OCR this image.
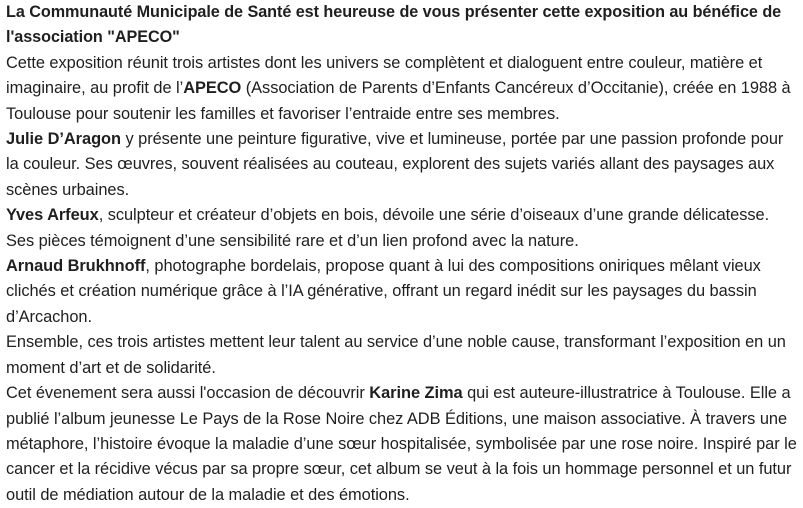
La Communauté Municipale de Santé est heureuse de vous présenter cette exposition au bénéfice de l'association "APECO"

Cette exposition réunit trois artistes dont les univers se complètent et dialoguent entre couleur, matière et imaginaire, au profit de l’APECO (Association de Parents d’Enfants Cancéreux d’Occitanie), créée en 1988 à Toulouse pour soutenir les familles et favoriser l’entraide entre ses membres.

Julie D’Aragon y présente une peinture figurative, vive et lumineuse, portée par une passion profonde pour la couleur. Ses œuvres, souvent réalisées au couteau, explorent des sujets variés allant des paysages aux scènes urbaines.

Yves Arfeux, sculpteur et créateur d’objets en bois, dévoile une série d’oiseaux d’une grande délicatesse. Ses pièces témoignent d’une sensibilité rare et d’un lien profond avec la nature.

Arnaud Brukhnoff, photographe bordelais, propose quant à lui des compositions oniriques mêlant vieux clichés et création numérique grâce à l’IA générative, offrant un regard inédit sur les paysages du bassin d’Arcachon.

Ensemble, ces trois artistes mettent leur talent au service d’une noble cause, transformant l’exposition en un moment d’art et de solidarité.

Cet évenement sera aussi l'occasion de découvrir Karine Zima qui est auteure-illustratrice à Toulouse. Elle a publié l’album jeunesse Le Pays de la Rose Noire chez ADB Éditions, une maison associative. À travers une métaphore, l’histoire évoque la maladie d’une sœur hospitalisée, symbolisée par une rose noire. Inspiré par le cancer et la récidive vécus par sa propre sœur, cet album se veut à la fois un hommage personnel et un futur outil de médiation autour de la maladie et des émotions.
